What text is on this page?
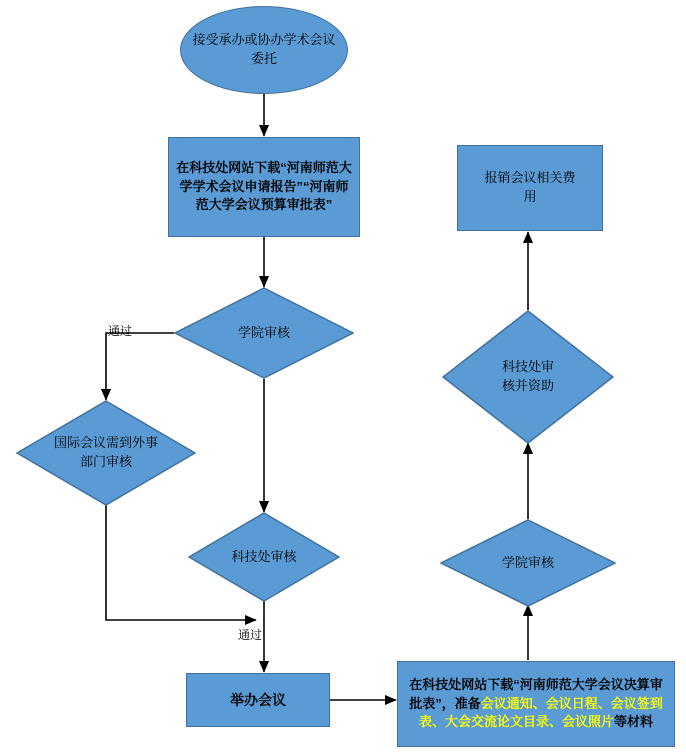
接受承办或协办学术会议委托
在科技处网站下载“河南师范大学学术会议申请报告”“河南师范大学会议预算审批表”
学院审核
国际会议需到外事部门审核
科技处审核
举办会议
在科技处网站下载“河南师范大学会议决算审批表”，准备会议通知、会议日程、会议签到表、大会交流论文目录、会议照片等材料
学院审核
科技处审核并资助
报销会议相关费用
通过
通过
